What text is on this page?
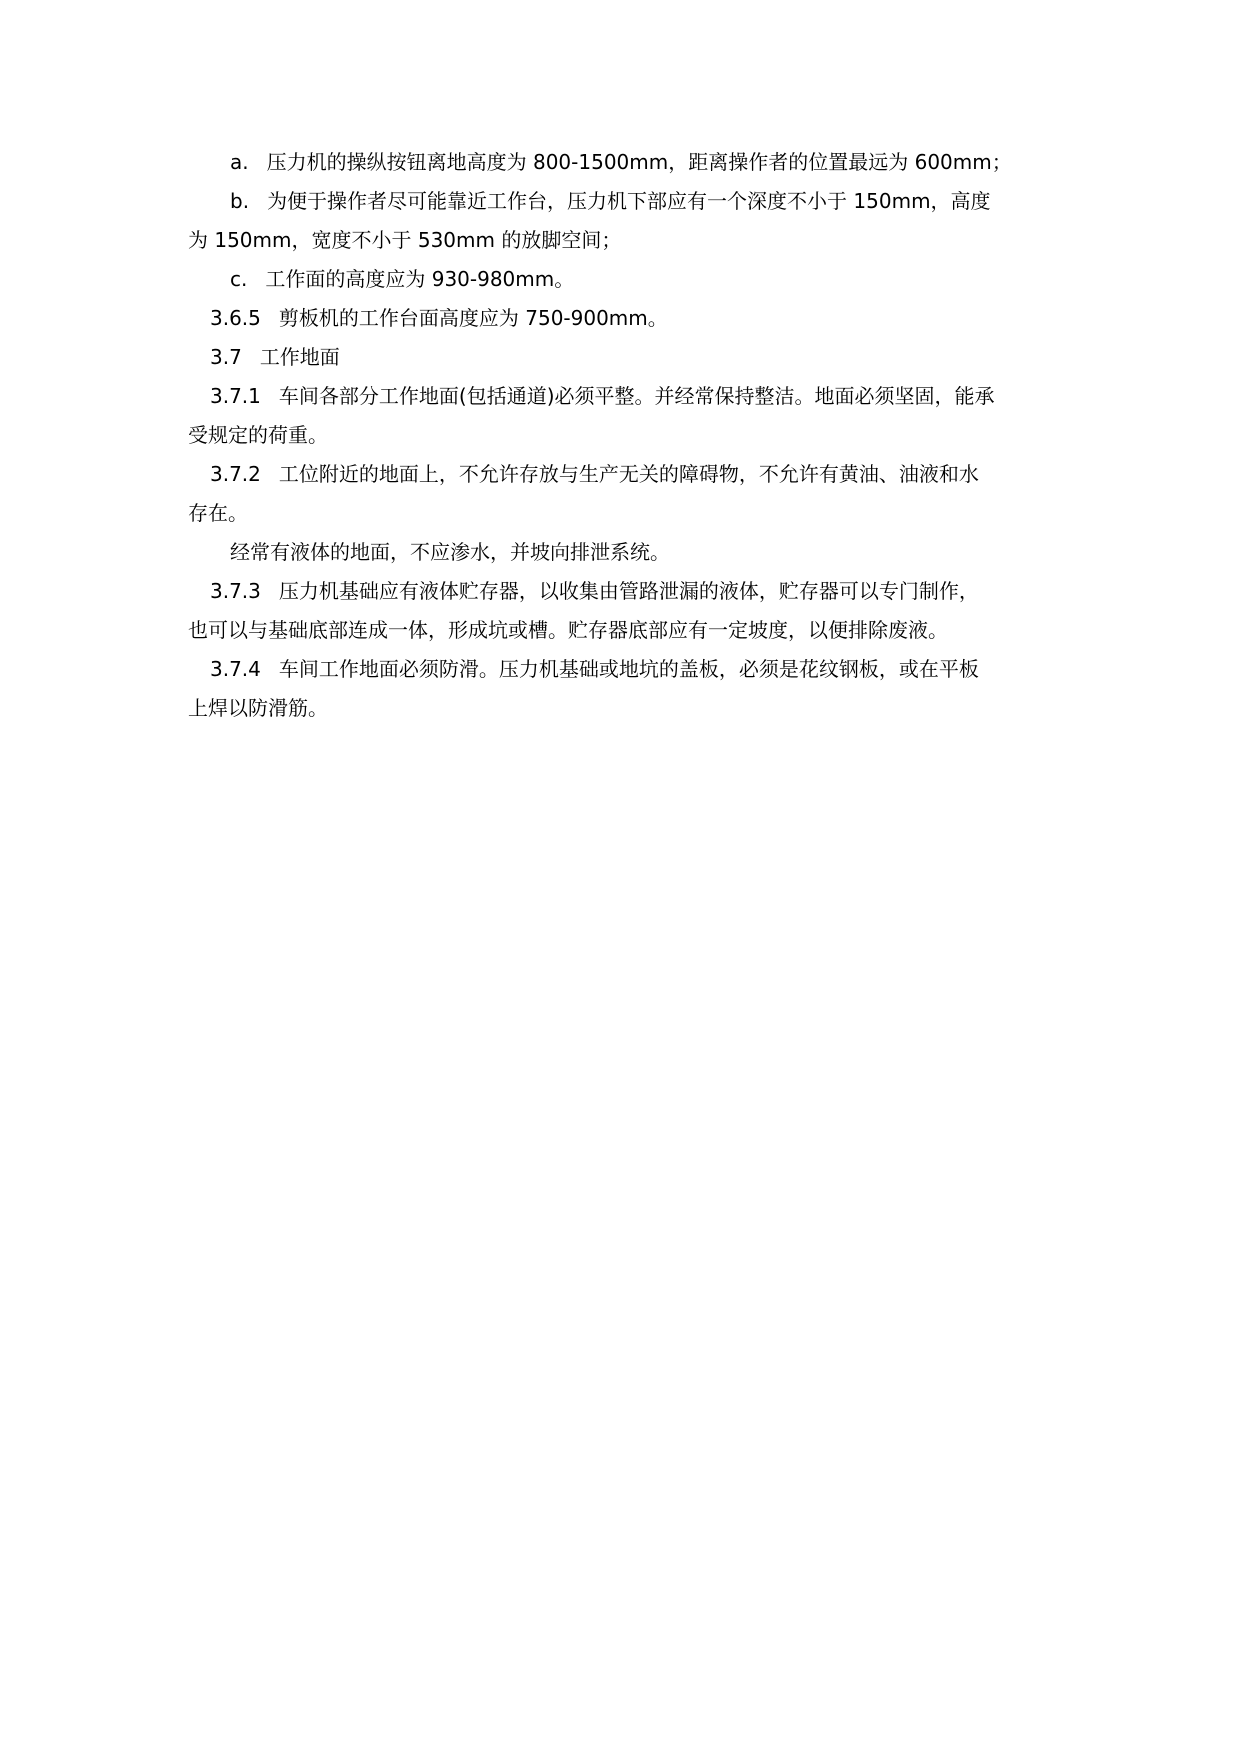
a. 压力机的操纵按钮离地高度为 800-1500mm，距离操作者的位置最远为 600mm；
b. 为便于操作者尽可能靠近工作台，压力机下部应有一个深度不小于 150mm，高度
为 150mm，宽度不小于 530mm 的放脚空间；
c. 工作面的高度应为 930-980mm。
3.6.5 剪板机的工作台面高度应为 750-900mm。
3.7 工作地面
3.7.1 车间各部分工作地面(包括通道)必须平整。并经常保持整洁。地面必须坚固，能承
受规定的荷重。
3.7.2 工位附近的地面上，不允许存放与生产无关的障碍物，不允许有黄油、油液和水
存在。
经常有液体的地面，不应渗水，并坡向排泄系统。
3.7.3 压力机基础应有液体贮存器，以收集由管路泄漏的液体，贮存器可以专门制作，
也可以与基础底部连成一体，形成坑或槽。贮存器底部应有一定坡度，以便排除废液。
3.7.4 车间工作地面必须防滑。压力机基础或地坑的盖板，必须是花纹钢板，或在平板
上焊以防滑筋。
